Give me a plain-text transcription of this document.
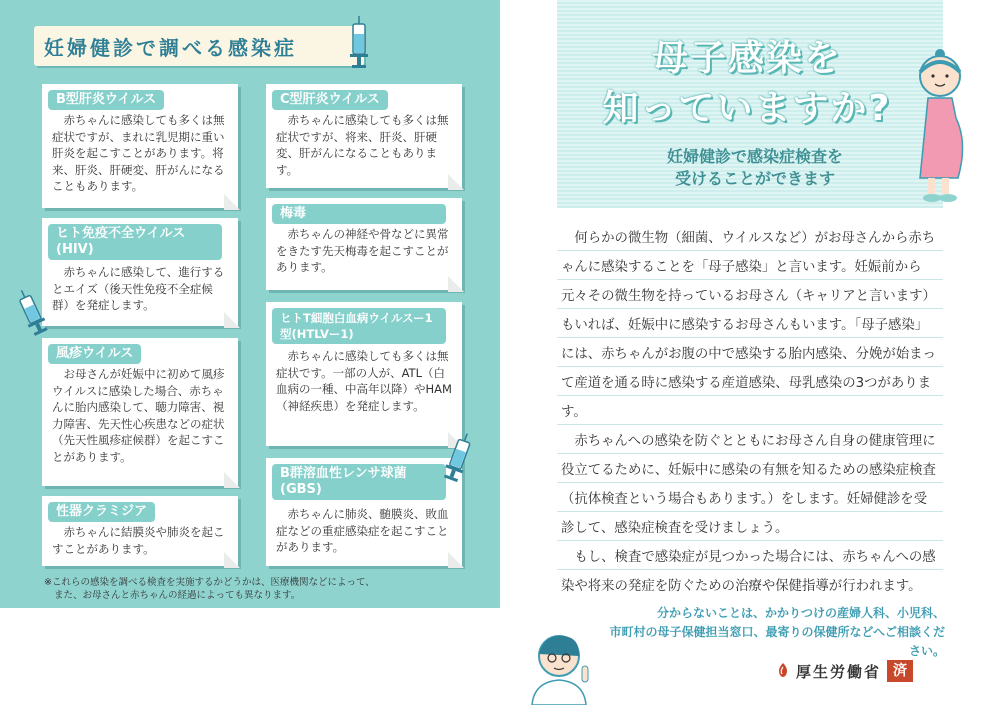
妊婦健診で調べる感染症
B型肝炎ウイルス
赤ちゃんに感染しても多くは無症状ですが、まれに乳児期に重い肝炎を起こすことがあります。将来、肝炎、肝硬変、肝がんになることもあります。
ヒト免疫不全ウイルス(HIV)
赤ちゃんに感染して、進行するとエイズ（後天性免疫不全症候群）を発症します。
風疹ウイルス
お母さんが妊娠中に初めて風疹ウイルスに感染した場合、赤ちゃんに胎内感染して、聴力障害、視力障害、先天性心疾患などの症状（先天性風疹症候群）を起こすことがあります。
性器クラミジア
赤ちゃんに結膜炎や肺炎を起こすことがあります。
C型肝炎ウイルス
赤ちゃんに感染しても多くは無症状ですが、将来、肝炎、肝硬変、肝がんになることもあります。
梅毒
赤ちゃんの神経や骨などに異常をきたす先天梅毒を起こすことがあります。
ヒトT細胞白血病ウイルスー1型(HTLVー1)
赤ちゃんに感染しても多くは無症状です。一部の人が、ATL（白血病の一種、中高年以降）やHAM（神経疾患）を発症します。
B群溶血性レンサ球菌(GBS)
赤ちゃんに肺炎、髄膜炎、敗血症などの重症感染症を起こすことがあります。
※これらの感染を調べる検査を実施するかどうかは、医療機関などによって、
また、お母さんと赤ちゃんの経過によっても異なります。
母子感染を
知っていますか?
妊婦健診で感染症検査を
受けることができます

何らかの微生物（細菌、ウイルスなど）がお母さんから赤ちゃんに感染することを「母子感染」と言います。妊娠前から元々その微生物を持っているお母さん（キャリアと言います）もいれば、妊娠中に感染するお母さんもいます。「母子感染」には、赤ちゃんがお腹の中で感染する胎内感染、分娩が始まって産道を通る時に感染する産道感染、母乳感染の3つがあります。

赤ちゃんへの感染を防ぐとともにお母さん自身の健康管理に役立てるために、妊娠中に感染の有無を知るための感染症検査（抗体検査という場合もあります。）をします。妊婦健診を受診して、感染症検査を受けましょう。

もし、検査で感染症が見つかった場合には、赤ちゃんへの感染や将来の発症を防ぐための治療や保健指導が行われます。

分からないことは、かかりつけの産婦人科、小児科、
市町村の母子保健担当窓口、最寄りの保健所などへご相談ください。
厚生労働省 済
